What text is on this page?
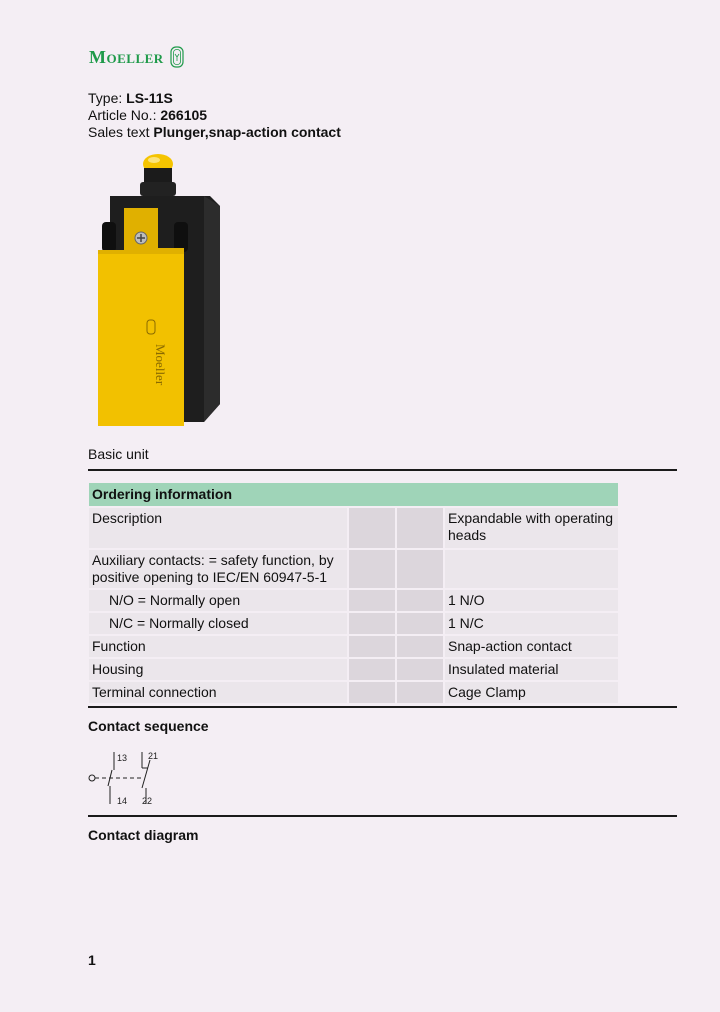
Moeller
Type: LS-11S
Article No.: 266105
Sales text Plunger,snap-action contact
Moeller
Basic unit
Ordering information			
Description			Expandable with operating heads
Auxiliary contacts: = safety function, by positive opening to IEC/EN 60947-5-1			
N/O = Normally open			1 N/O
N/C = Normally closed			1 N/C
Function			Snap-action contact
Housing			Insulated material
Terminal connection			Cage Clamp
Contact sequence
13
14
21
22
Contact diagram
1
